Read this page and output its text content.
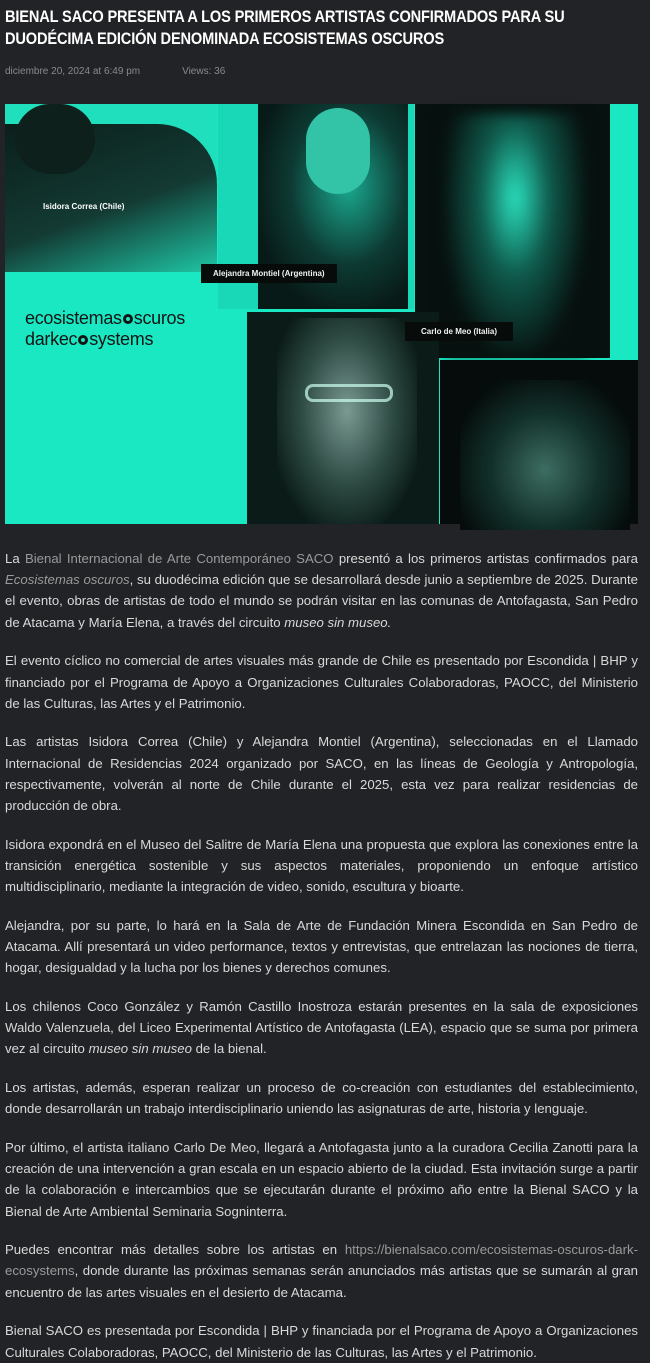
BIENAL SACO PRESENTA A LOS PRIMEROS ARTISTAS CONFIRMADOS PARA SU DUODÉCIMA EDICIÓN DENOMINADA ECOSISTEMAS OSCUROS
diciembre 20, 2024 at 6:49 pm	Views: 36
Isidora Correa (Chile)
Alejandra Montiel (Argentina)
Carlo de Meo (Italia)
ecosistemas scuros
darkec systems

La Bienal Internacional de Arte Contemporáneo SACO presentó a los primeros artistas confirmados para Ecosistemas oscuros, su duodécima edición que se desarrollará desde junio a septiembre de 2025. Durante el evento, obras de artistas de todo el mundo se podrán visitar en las comunas de Antofagasta, San Pedro de Atacama y María Elena, a través del circuito museo sin museo.

El evento cíclico no comercial de artes visuales más grande de Chile es presentado por Escondida | BHP y financiado por el Programa de Apoyo a Organizaciones Culturales Colaboradoras, PAOCC, del Ministerio de las Culturas, las Artes y el Patrimonio.

Las artistas Isidora Correa (Chile) y Alejandra Montiel (Argentina), seleccionadas en el Llamado Internacional de Residencias 2024 organizado por SACO, en las líneas de Geología y Antropología, respectivamente, volverán al norte de Chile durante el 2025, esta vez para realizar residencias de producción de obra.

Isidora expondrá en el Museo del Salitre de María Elena una propuesta que explora las conexiones entre la transición energética sostenible y sus aspectos materiales, proponiendo un enfoque artístico multidisciplinario, mediante la integración de video, sonido, escultura y bioarte.

Alejandra, por su parte, lo hará en la Sala de Arte de Fundación Minera Escondida en San Pedro de Atacama. Allí presentará un video performance, textos y entrevistas, que entrelazan las nociones de tierra, hogar, desigualdad y la lucha por los bienes y derechos comunes.

Los chilenos Coco González y Ramón Castillo Inostroza estarán presentes en la sala de exposiciones Waldo Valenzuela, del Liceo Experimental Artístico de Antofagasta (LEA), espacio que se suma por primera vez al circuito museo sin museo de la bienal.

Los artistas, además, esperan realizar un proceso de co-creación con estudiantes del establecimiento, donde desarrollarán un trabajo interdisciplinario uniendo las asignaturas de arte, historia y lenguaje.

Por último, el artista italiano Carlo De Meo, llegará a Antofagasta junto a la curadora Cecilia Zanotti para la creación de una intervención a gran escala en un espacio abierto de la ciudad. Esta invitación surge a partir de la colaboración e intercambios que se ejecutarán durante el próximo año entre la Bienal SACO y la Bienal de Arte Ambiental Seminaria Sogninterra.

Puedes encontrar más detalles sobre los artistas en https://bienalsaco.com/ecosistemas-oscuros-dark-ecosystems, donde durante las próximas semanas serán anunciados más artistas que se sumarán al gran encuentro de las artes visuales en el desierto de Atacama.

Bienal SACO es presentada por Escondida | BHP y financiada por el Programa de Apoyo a Organizaciones Culturales Colaboradoras, PAOCC, del Ministerio de las Culturas, las Artes y el Patrimonio.
